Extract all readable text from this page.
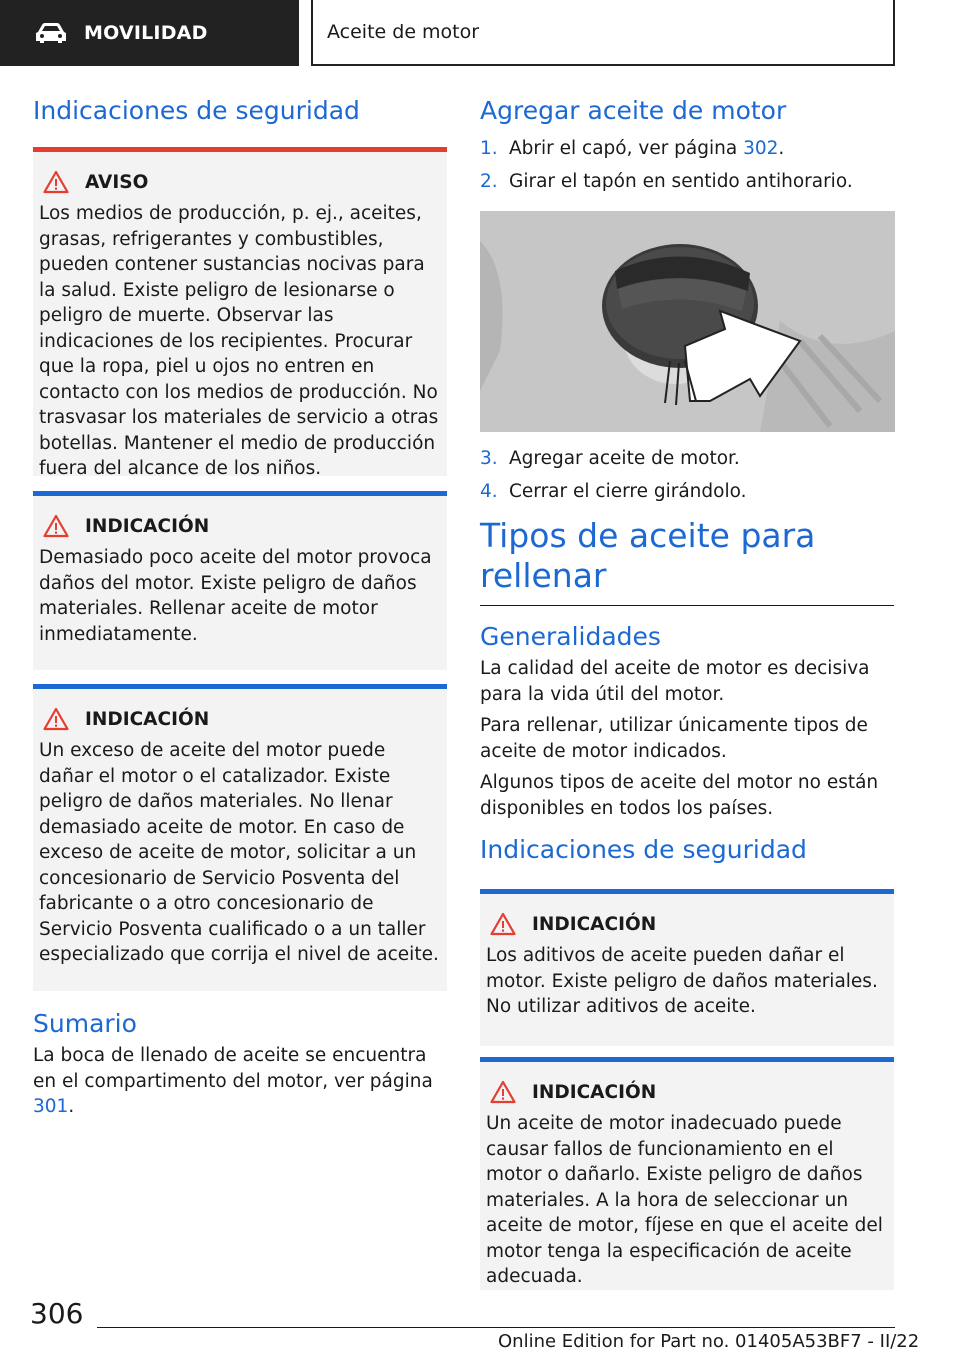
MOVILIDAD	Aceite de motor
Indicaciones de seguridad
AVISO

Los medios de producción, p. ej., aceites, grasas, refrigerantes y combustibles, pueden contener sustancias nocivas para la salud. Existe peligro de lesionarse o peligro de muerte. Observar las indicaciones de los recipientes. Procurar que la ropa, piel u ojos no entren en contacto con los medios de producción. No trasvasar los materiales de servicio a otras botellas. Mantener el medio de producción fuera del alcance de los niños.

INDICACIÓN

Demasiado poco aceite del motor provoca daños del motor. Existe peligro de daños materiales. Rellenar aceite de motor inmediatamente.

INDICACIÓN

Un exceso de aceite del motor puede dañar el motor o el catalizador. Existe peligro de daños materiales. No llenar demasiado aceite de motor. En caso de exceso de aceite de motor, solicitar a un concesionario de Servicio Posventa del fabricante o a otro concesionario de Servicio Posventa cualificado o a un taller especializado que corrija el nivel de aceite.

Sumario

La boca de llenado de aceite se encuentra en el compartimento del motor, ver página 301.

Agregar aceite de motor
1. Abrir el capó, ver página 302.
2. Girar el tapón en sentido antihorario.
3. Agregar aceite de motor.
4. Cerrar el cierre girándolo.
Tipos de aceite para rellenar
Generalidades

La calidad del aceite de motor es decisiva para la vida útil del motor.

Para rellenar, utilizar únicamente tipos de aceite de motor indicados.

Algunos tipos de aceite del motor no están disponibles en todos los países.

Indicaciones de seguridad
INDICACIÓN

Los aditivos de aceite pueden dañar el motor. Existe peligro de daños materiales. No utilizar aditivos de aceite.

INDICACIÓN

Un aceite de motor inadecuado puede causar fallos de funcionamiento en el motor o dañarlo. Existe peligro de daños materiales. A la hora de seleccionar un aceite de motor, fíjese en que el aceite del motor tenga la especificación de aceite adecuada.

306
Online Edition for Part no. 01405A53BF7 - II/22
